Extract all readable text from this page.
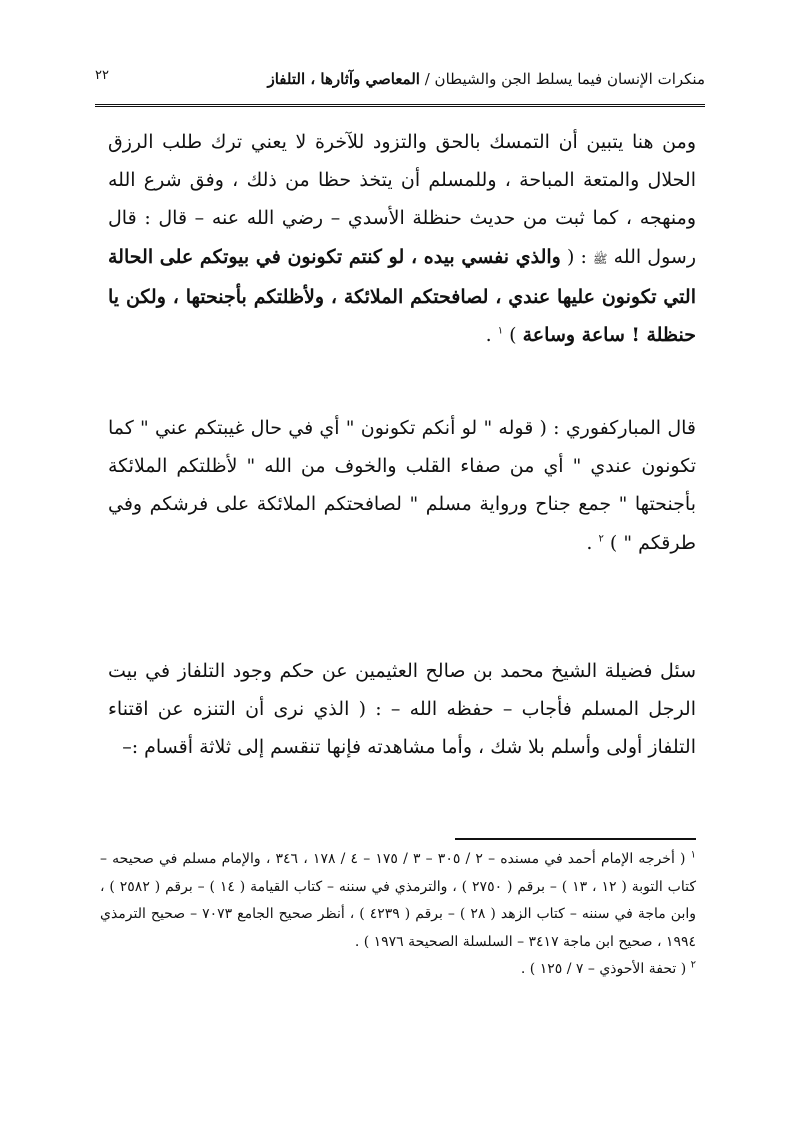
٢٢	منكرات الإنسان فيما يسلط الجن والشيطان / المعاصي وآثارها ، التلفاز

ومن هنا يتبين أن التمسك بالحق والتزود للآخرة لا يعني ترك طلب الرزق الحلال والمتعة المباحة ، وللمسلم أن يتخذ حظا من ذلك ، وفق شرع الله ومنهجه ، كما ثبت من حديث حنظلة الأسدي – رضي الله عنه – قال : قال رسول الله ﷺ : ( والذي نفسي بيده ، لو كنتم تكونون في بيوتكم على الحالة التي تكونون عليها عندي ، لصافحتكم الملائكة ، ولأظلتكم بأجنحتها ، ولكن يا حنظلة ! ساعة وساعة ) $^١$ .

قال المباركفوري : ( قوله " لو أنكم تكونون " أي في حال غيبتكم عني " كما تكونون عندي " أي من صفاء القلب والخوف من الله " لأظلتكم الملائكة بأجنحتها " جمع جناح ورواية مسلم " لصافحتكم الملائكة على فرشكم وفي طرقكم " ) $^٢$ .

سئل فضيلة الشيخ محمد بن صالح العثيمين عن حكم وجود التلفاز في بيت الرجل المسلم فأجاب – حفظه الله – : ( الذي نرى أن التنزه عن اقتناء التلفاز أولى وأسلم بلا شك ، وأما مشاهدته فإنها تنقسم إلى ثلاثة أقسام :–

$^١$ ( أخرجه الإمام أحمد في مسنده – ٢ / ٣٠٥ – ٣ / ١٧٥ – ٤ / ١٧٨ ، ٣٤٦ ، والإمام مسلم في صحيحه – كتاب التوبة ( ١٢ ، ١٣ ) – برقم ( ٢٧٥٠ ) ، والترمذي في سننه – كتاب القيامة ( ١٤ ) – برقم ( ٢٥٨٢ ) ، وابن ماجة في سننه – كتاب الزهد ( ٢٨ ) – برقم ( ٤٢٣٩ ) ، أنظر صحيح الجامع ٧٠٧٣ – صحيح الترمذي ١٩٩٤ ، صحيح ابن ماجة ٣٤١٧ – السلسلة الصحيحة ١٩٧٦ ) .

$^٢$ ( تحفة الأحوذي – ٧ / ١٢٥ ) .
